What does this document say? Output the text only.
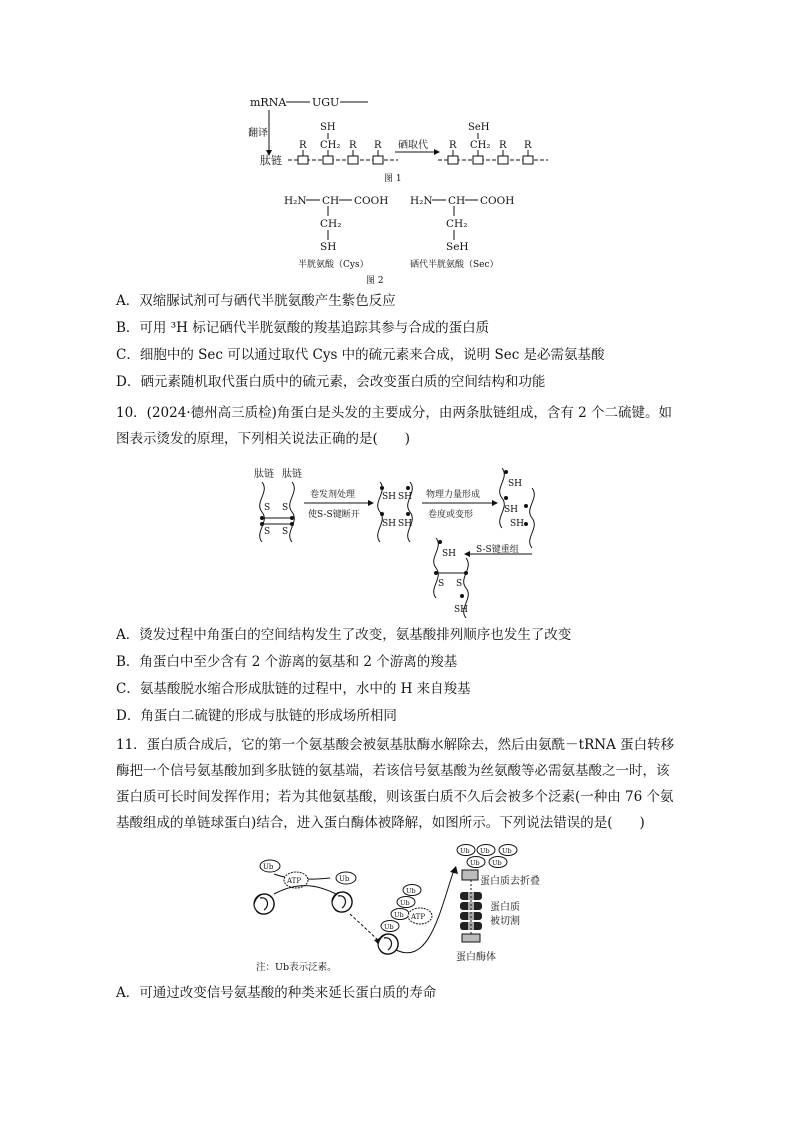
mRNA UGU
翻译
肽链
R
SH
CH₂ R R 硒取代 R
SeH
CH₂ R R
图 1
H₂N CH COOH
CH₂
SH
半胱氨酸（Cys）
H₂N CH COOH
CH₂
SeH
硒代半胱氨酸（Sec）
图 2
A．双缩脲试剂可与硒代半胱氨酸产生紫色反应
B．可用 ³H 标记硒代半胱氨酸的羧基追踪其参与合成的蛋白质
C．细胞中的 Sec 可以通过取代 Cys 中的硫元素来合成，说明 Sec 是必需氨基酸
D．硒元素随机取代蛋白质中的硫元素，会改变蛋白质的空间结构和功能
10．(2024·德州高三质检)角蛋白是头发的主要成分，由两条肽链组成，含有 2 个二硫键。如图表示烫发的原理，下列相关说法正确的是(　　)
肽链 肽链
S S
S S
卷发剂处理
使S-S键断开
SH SH
SH SH
物理力量形成
卷度或变形
SH
SH
SH
S-S键重组
SH
S S
SH
A．烫发过程中角蛋白的空间结构发生了改变，氨基酸排列顺序也发生了改变
B．角蛋白中至少含有 2 个游离的氨基和 2 个游离的羧基
C．氨基酸脱水缩合形成肽链的过程中，水中的 H 来自羧基
D．角蛋白二硫键的形成与肽链的形成场所相同
11．蛋白质合成后，它的第一个氨基酸会被氨基肽酶水解除去，然后由氨酰－tRNA 蛋白转移酶把一个信号氨基酸加到多肽链的氨基端，若该信号氨基酸为丝氨酸等必需氨基酸之一时，该蛋白质可长时间发挥作用；若为其他氨基酸，则该蛋白质不久后会被多个泛素(一种由 76 个氨基酸组成的单链球蛋白)结合，进入蛋白酶体被降解，如图所示。下列说法错误的是(　　)
Ub
ATP	Ub
Ub
Ub
Ub
Ub
ATP
Ub Ub Ub
Ub Ub
蛋白质去折叠
蛋白质
被切割
蛋白酶体
注：Ub表示泛素。
A．可通过改变信号氨基酸的种类来延长蛋白质的寿命
